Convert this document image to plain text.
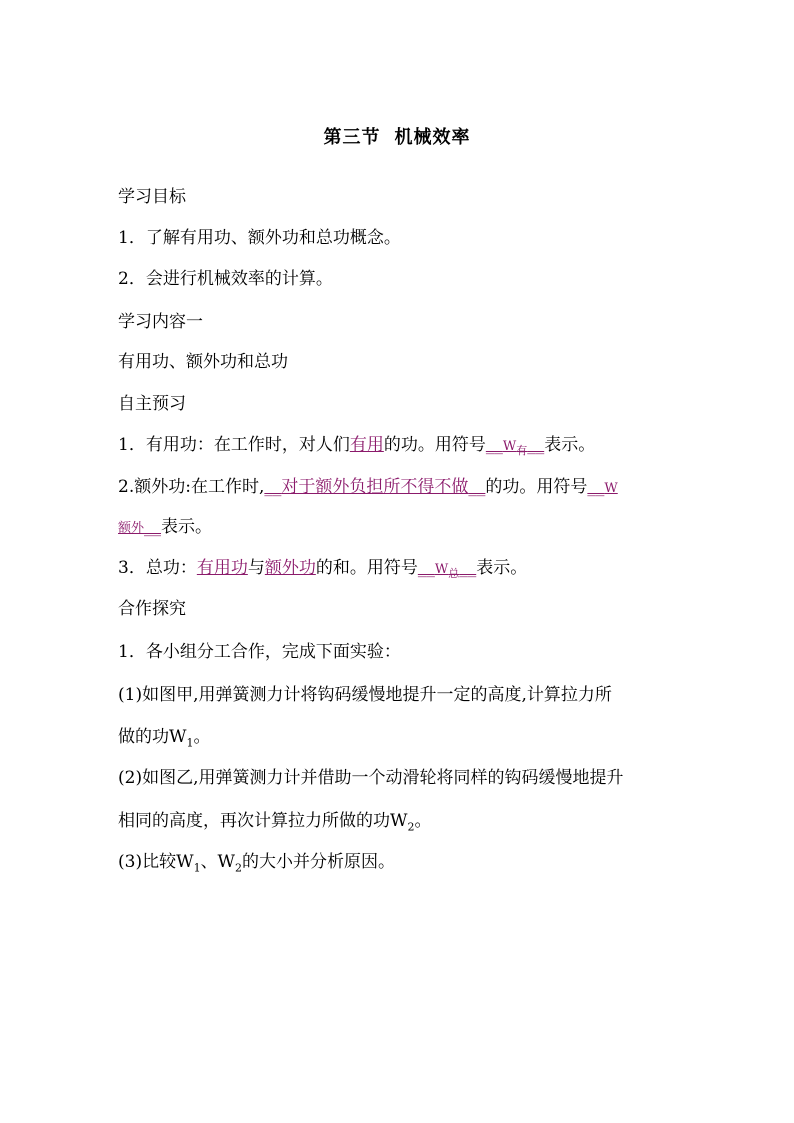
第三节 机械效率
学习目标
1．了解有用功、额外功和总功概念。
2．会进行机械效率的计算。
学习内容一
有用功、额外功和总功
自主预习
1．有用功：在工作时，对人们有用的功。用符号$\_\_W_有\_\_$表示。
2.额外功:在工作时,__对于额外负担所不得不做__的功。用符号__W
额外__表示。
3．总功：有用功与额外功的和。用符号$\_\_W_总\_\_$表示。
合作探究
1．各小组分工合作，完成下面实验：
(1)如图甲,用弹簧测力计将钩码缓慢地提升一定的高度,计算拉力所
做的功$W_1$。
(2)如图乙,用弹簧测力计并借助一个动滑轮将同样的钩码缓慢地提升
相同的高度，再次计算拉力所做的功$W_2$。
(3)比较$W_1$、$W_2$的大小并分析原因。
